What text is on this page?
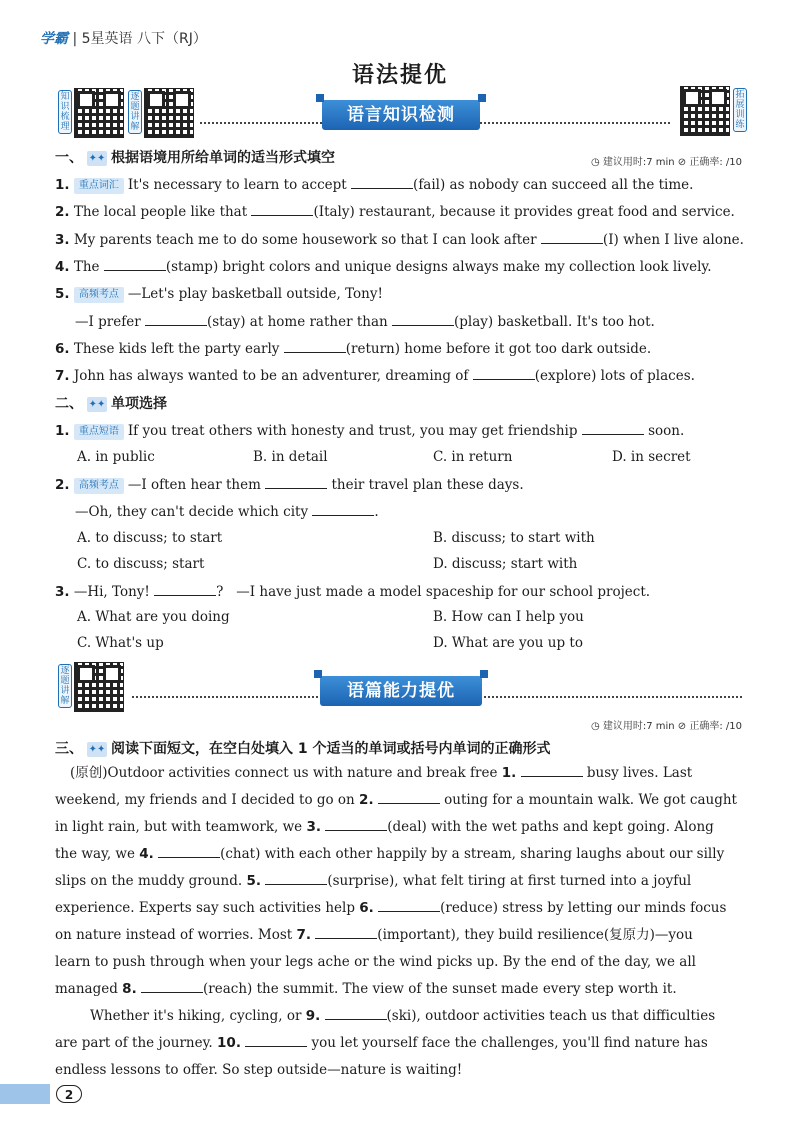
学霸 | 5星英语 八下（RJ）
语法提优
知识梳理
逐题讲解
拓展训练
语言知识检测
一、 ✦✦ 根据语境用所给单词的适当形式填空	◷ 建议用时:7 min ⊘ 正确率: /10
1. 重点词汇 It's necessary to learn to accept	(fail) as nobody can succeed all the time.
2. The local people like that	(Italy) restaurant, because it provides great food and service.
3. My parents teach me to do some housework so that I can look after	(I) when I live alone.
4. The	(stamp) bright colors and unique designs always make my collection look lively.
5. 高频考点 —Let's play basketball outside, Tony!
—I prefer	(stay) at home rather than	(play) basketball. It's too hot.
6. These kids left the party early	(return) home before it got too dark outside.
7. John has always wanted to be an adventurer, dreaming of	(explore) lots of places.
二、 ✦✦ 单项选择
1. 重点短语 If you treat others with honesty and trust, you may get friendship	soon.
A. in public	B. in detail	C. in return	D. in secret
2. 高频考点 —I often hear them	their travel plan these days.
—Oh, they can't decide which city	.
A. to discuss; to start	B. discuss; to start with
C. to discuss; start	D. discuss; start with
3. —Hi, Tony!	? —I have just made a model spaceship for our school project.
A. What are you doing	B. How can I help you
C. What's up	D. What are you up to
逐题讲解	语篇能力提优
◷ 建议用时:7 min ⊘ 正确率: /10
三、 ✦✦ 阅读下面短文，在空白处填入 1 个适当的单词或括号内单词的正确形式
(原创)Outdoor activities connect us with nature and break free 1.	busy lives. Last
weekend, my friends and I decided to go on 2.	outing for a mountain walk. We got caught
in light rain, but with teamwork, we 3.	(deal) with the wet paths and kept going. Along
the way, we 4.	(chat) with each other happily by a stream, sharing laughs about our silly
slips on the muddy ground. 5.	(surprise), what felt tiring at first turned into a joyful
experience. Experts say such activities help 6.	(reduce) stress by letting our minds focus
on nature instead of worries. Most 7.	(important), they build resilience(复原力)—you
learn to push through when your legs ache or the wind picks up. By the end of the day, we all
managed 8.	(reach) the summit. The view of the sunset made every step worth it.
Whether it's hiking, cycling, or 9.	(ski), outdoor activities teach us that difficulties
are part of the journey. 10.	you let yourself face the challenges, you'll find nature has
endless lessons to offer. So step outside—nature is waiting!
2
